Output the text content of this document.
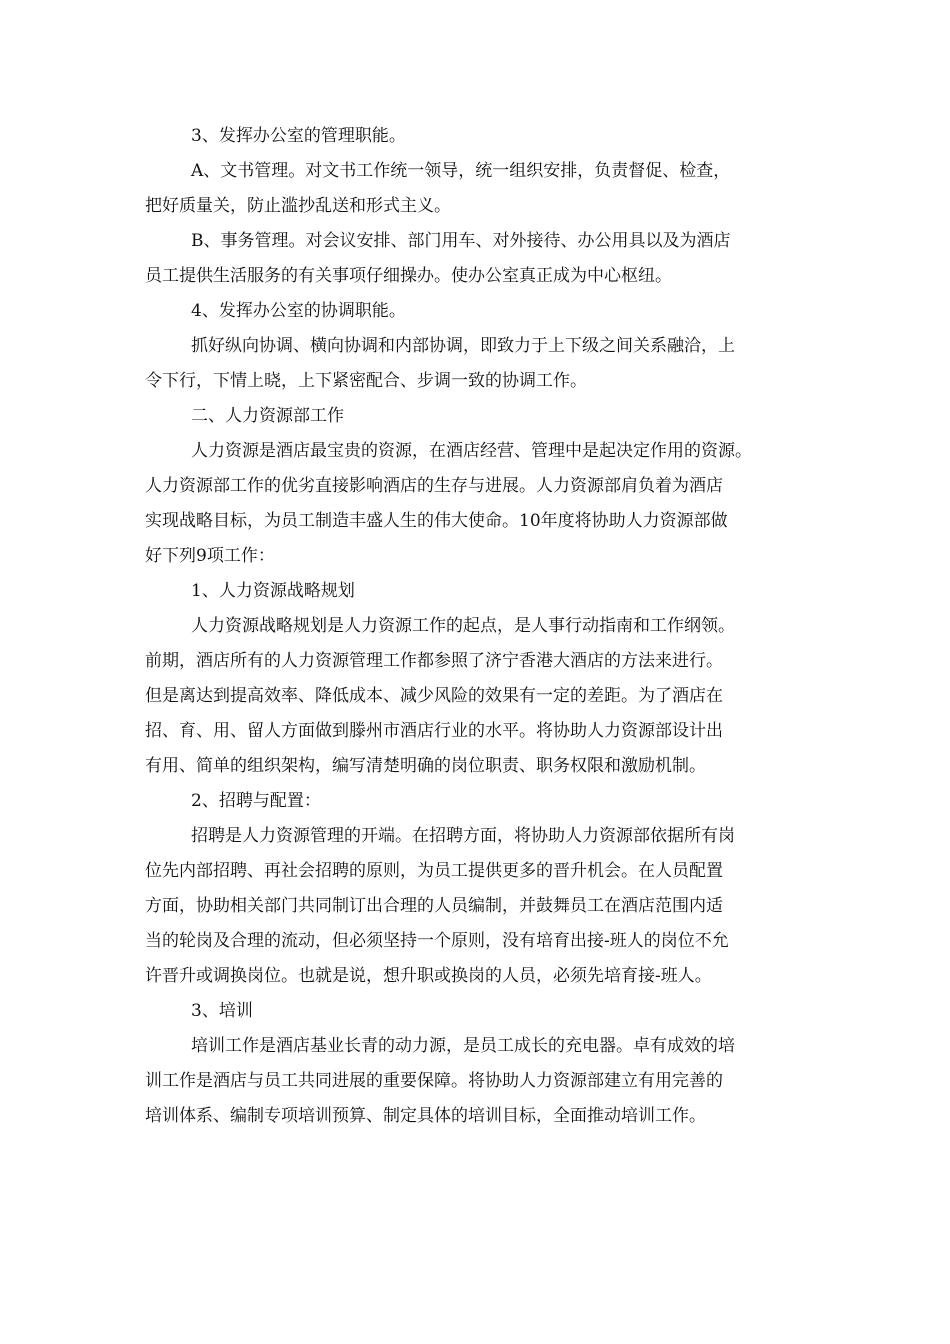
3、发挥办公室的管理职能。

A、文书管理。对文书工作统一领导，统一组织安排，负责督促、检查，
把好质量关，防止滥抄乱送和形式主义。

B、事务管理。对会议安排、部门用车、对外接待、办公用具以及为酒店
员工提供生活服务的有关事项仔细操办。使办公室真正成为中心枢纽。

4、发挥办公室的协调职能。

抓好纵向协调、横向协调和内部协调，即致力于上下级之间关系融洽，上
令下行，下情上晓，上下紧密配合、步调一致的协调工作。

二、人力资源部工作

人力资源是酒店最宝贵的资源，在酒店经营、管理中是起决定作用的资源。
人力资源部工作的优劣直接影响酒店的生存与进展。人力资源部肩负着为酒店
实现战略目标，为员工制造丰盛人生的伟大使命。10年度将协助人力资源部做
好下列9项工作：

1、人力资源战略规划

人力资源战略规划是人力资源工作的起点，是人事行动指南和工作纲领。
前期，酒店所有的人力资源管理工作都参照了济宁香港大酒店的方法来进行。
但是离达到提高效率、降低成本、减少风险的效果有一定的差距。为了酒店在
招、育、用、留人方面做到滕州市酒店行业的水平。将协助人力资源部设计出
有用、简单的组织架构，编写清楚明确的岗位职责、职务权限和激励机制。

2、招聘与配置：

招聘是人力资源管理的开端。在招聘方面，将协助人力资源部依据所有岗
位先内部招聘、再社会招聘的原则，为员工提供更多的晋升机会。在人员配置
方面，协助相关部门共同制订出合理的人员编制，并鼓舞员工在酒店范围内适
当的轮岗及合理的流动，但必须坚持一个原则，没有培育出接-班人的岗位不允
许晋升或调换岗位。也就是说，想升职或换岗的人员，必须先培育接-班人。

3、培训

培训工作是酒店基业长青的动力源，是员工成长的充电器。卓有成效的培
训工作是酒店与员工共同进展的重要保障。将协助人力资源部建立有用完善的
培训体系、编制专项培训预算、制定具体的培训目标，全面推动培训工作。
